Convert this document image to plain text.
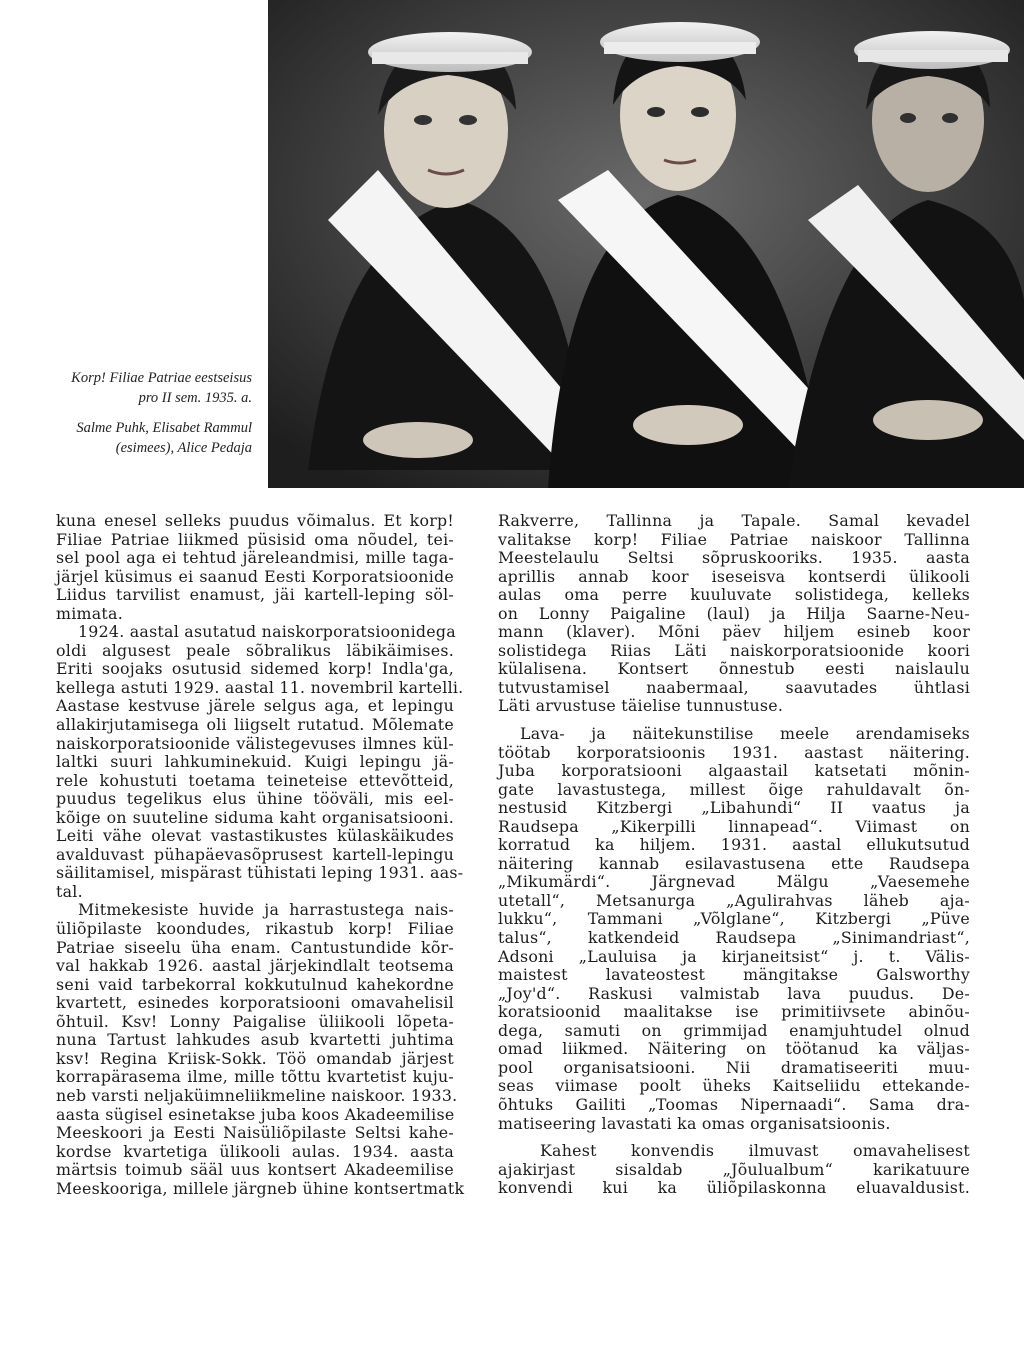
Korp! Filiae Patriae eestseisus
pro II sem. 1935. a.
Salme Puhk, Elisabet Rammul
(esimees), Alice Pedaja
kuna enesel selleks puudus võimalus. Et korp!
Filiae Patriae liikmed püsisid oma nõudel, tei-
sel pool aga ei tehtud järeleandmisi, mille taga-
järjel küsimus ei saanud Eesti Korporatsioonide
Liidus tarvilist enamust, jäi kartell-leping söl-
mimata.
1924. aastal asutatud naiskorporatsioonidega
oldi algusest peale sõbralikus läbikäimises.
Eriti soojaks osutusid sidemed korp! Indla'ga,
kellega astuti 1929. aastal 11. novembril kartelli.
Aastase kestvuse järele selgus aga, et lepingu
allakirjutamisega oli liigselt rutatud. Mõlemate
naiskorporatsioonide välistegevuses ilmnes kül-
laltki suuri lahkuminekuid. Kuigi lepingu jä-
rele kohustuti toetama teineteise ettevõtteid,
puudus tegelikus elus ühine tööväli, mis eel-
kõige on suuteline siduma kaht organisatsiooni.
Leiti vähe olevat vastastikustes külaskäikudes
avalduvast pühapäevasõprusest kartell-lepingu
säilitamisel, mispärast tühistati leping 1931. aas-
tal.
Mitmekesiste huvide ja harrastustega nais-
üliõpilaste koondudes, rikastub korp! Filiae
Patriae siseelu üha enam. Cantustundide kõr-
val hakkab 1926. aastal järjekindlalt teotsema
seni vaid tarbekorral kokkutulnud kahekordne
kvartett, esinedes korporatsiooni omavahelisil
õhtuil. Ksv! Lonny Paigalise üliikooli lõpeta-
nuna Tartust lahkudes asub kvartetti juhtima
ksv! Regina Kriisk-Sokk. Töö omandab järjest
korrapärasema ilme, mille tõttu kvartetist kuju-
neb varsti neljaküimneliikmeline naiskoor. 1933.
aasta sügisel esinetakse juba koos Akadeemilise
Meeskoori ja Eesti Naisüliõpilaste Seltsi kahe-
kordse kvartetiga ülikooli aulas. 1934. aasta
märtsis toimub sääl uus kontsert Akadeemilise
Meeskooriga, millele järgneb ühine kontsertmatk
Rakverre, Tallinna ja Tapale. Samal kevadel
valitakse korp! Filiae Patriae naiskoor Tallinna
Meestelaulu Seltsi sõpruskooriks. 1935. aasta
aprillis annab koor iseseisva kontserdi ülikooli
aulas oma perre kuuluvate solistidega, kelleks
on Lonny Paigaline (laul) ja Hilja Saarne-Neu-
mann (klaver). Mõni päev hiljem esineb koor
solistidega Riias Läti naiskorporatsioonide koori
külalisena. Kontsert õnnestub eesti naislaulu
tutvustamisel naabermaal, saavutades ühtlasi
Läti arvustuse täielise tunnustuse.
Lava- ja näitekunstilise meele arendamiseks
töötab korporatsioonis 1931. aastast näitering.
Juba korporatsiooni algaastail katsetati mõnin-
gate lavastustega, millest õige rahuldavalt õn-
nestusid Kitzbergi „Libahundi“ II vaatus ja
Raudsepa „Kikerpilli linnapead“. Viimast on
korratud ka hiljem. 1931. aastal ellukutsutud
näitering kannab esilavastusena ette Raudsepa
„Mikumärdi“. Järgnevad Mälgu „Vaesemehe
utetall“, Metsanurga „Agulirahvas läheb aja-
lukku“, Tammani „Võlglane“, Kitzbergi „Püve
talus“, katkendeid Raudsepa „Sinimandriast“,
Adsoni „Lauluisa ja kirjaneitsist“ j. t. Välis-
maistest lavateostest mängitakse Galsworthy
„Joy'd“. Raskusi valmistab lava puudus. De-
koratsioonid maalitakse ise primitiivsete abinõu-
dega, samuti on grimmijad enamjuhtudel olnud
omad liikmed. Näitering on töötanud ka väljas-
pool organisatsiooni. Nii dramatiseeriti muu-
seas viimase poolt üheks Kaitseliidu ettekande-
õhtuks Gailiti „Toomas Nipernaadi“. Sama dra-
matiseering lavastati ka omas organisatsioonis.
Kahest konvendis ilmuvast omavahelisest
ajakirjast sisaldab „Jõulualbum“ karikatuure
konvendi kui ka üliõpilaskonna eluavaldusist.
